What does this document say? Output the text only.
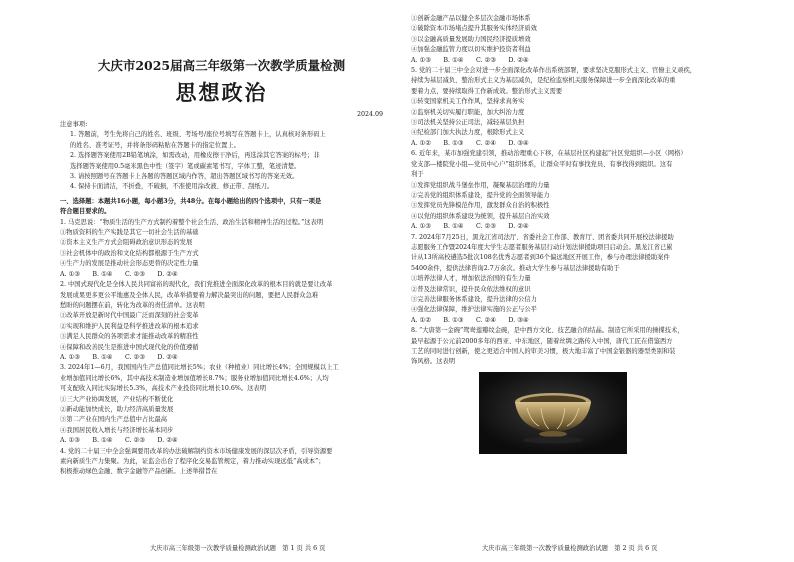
大庆市2025届高三年级第一次教学质量检测
思想政治
2024.09
注意事项:
1. 答题前，考生先将自己的姓名、班级、考场号/座位号填写在答题卡上，认真核对条形码上
的姓名、准考证号，并将条形码粘贴在答题卡的指定位置上。
2. 选择题答案使用2B铅笔填涂，如需改动，用橡皮擦干净后，再选涂其它答案的标号；非
选择题答案使用0.5毫米黑色中性（签字）笔或碳素笔书写，字体工整，笔迹清楚。
3. 请按照题号在答题卡上各题的答题区域内作答，超出答题区域书写的答案无效。
4. 保持卡面清洁，不折叠，不破损，不准使用涂改液、修正带、刮纸刀。
一、选择题：本题共16小题，每小题3分，共48分。在每小题给出的四个选项中，只有一项是
符合题目要求的。
1. 马克思说：“物质生活的生产方式制约着整个社会生活、政治生活和精神生活的过程。”这表明
①物质资料的生产实践是其它一切社会生活的基础
②资本主义生产方式会阻碍政治意识形态的发展
③社会机体中的政治和文化结构都根源于生产方式
④生产力的发展是推动社会形态更替的决定性力量
A. ①③　　B. ①④　　C. ②③　　D. ②④
2. 中国式现代化是全体人民共同富裕的现代化，我们党推进全面深化改革的根本目的就是要让改革
发展成果更多更公平地惠及全体人民，改革举措要着力解决最突出的问题，要把人民群众急难
愁盼的问题摆在前，转化为改革的责任清单。这表明
①改革开放是新时代中国最广泛而深刻的社会变革
②实现和维护人民利益是科学推进改革的根本追求
③满足人民群众的各项需求才能推动改革的精准性
④保障和改善民生是推进中国式现代化的价值遵循
A. ①③　　B. ①④　　C. ②③　　D. ②④
3. 2024年1—6月，我国国内生产总值同比增长5%；农业（种植业）同比增长4%；全国规模以上工
业增加值同比增长6%，其中高技术制造业增加值增长8.7%；服务业增加值同比增长4.6%；人均
可支配收入同比实际增长5.3%，高技术产业投资同比增长10.6%。这表明
①三大产业协调发展，产业结构不断优化
②新动能加快成长，助力经济高质量发展
③第二产业在国内生产总值中占比最高
④我国居民收入增长与经济增长基本同步
A. ①③　　B. ①④　　C. ②③　　D. ②④
4. 党的二十届三中全会强调要用改革的办法破解制约资本市场健康发展的深层次矛盾，引导资源要
素向新质生产力集聚。为此，证监会出台了程序化交易监管规定，着力推动实现远低“高成本”；
积极推动绿色金融、数字金融等产品创新。上述举措旨在
大庆市高三年级第一次教学质量检测政治试题　第 1 页 共 6 页
①创新金融产品以健全多层次金融市场体系
②破除资本市场堵点提升其服务实体经济质效
③以金融高质量发展助力国民经济提质增效
④加强金融监管力度以切实维护投资者利益
A. ①③　　B. ①④　　C. ②③　　D. ②④
5. 党的二十届三中全会对进一步全面深化改革作出系统部署，要求坚决克服形式主义、官僚主义顽疾，
持续为基层减负，整治形式主义为基层减负，是纪检监察机关服务保障进一步全面深化改革的重
要着力点，要持续取得工作新成效。整治形式主义需要
①转变国家机关工作作风，坚持求真务实
②监察机关切实履行职能，加大纠治力度
③司法机关坚持公正司法，减轻基层负担
④纪检部门加大执法力度，根除形式主义
A. ①②　　B. ①③　　C. ②④　　D. ③④
6. 近年来，某市加强党建引领，推动治理重心下移，在基层社区构建起“社区党组织—小区（网格）
党支部—楼院党小组—党员中心户”组织体系，让群众平时有事找党员、有事找得到组织。这有
利于
①发挥党组织战斗堡垒作用，凝聚基层治理的力量
②完善党的组织体系建设，提升党的全面领导能力
③发挥党员先锋模范作用，激发群众自治的积极性
④以党的组织体系建设为统领，提升基层自治实效
A. ①③　　B. ①④　　C. ②③　　D. ②④
7. 2024年7月25日，黑龙江省司法厅、省委社会工作部、教育厅、团省委共同开展校法律援助
志愿服务工作暨2024年度大学生志愿者服务基层行动计划法律援助项目启动会。黑龙江省已累
计从13所高校遴选5批次108名优秀志愿者到36个偏远地区开展工作，参与办理法律援助案件
5400余件，提供法律咨询2.7万余次。推动大学生参与基层法律援助有助于
①培养法律人才，增加依法治国的有生力量
②普及法律常识，提升民众依法维权的意识
③完善法律服务体系建设，提升法律的公信力
④强化法律保障，维护法律实施的公正与公平
A. ①②　　B. ①③　　C. ②④　　D. ③④
8. “大唐第一金碗”鸳鸯莲瓣纹金碗，是中西方文化、技艺融合的结晶。制造它所采用的捶揲技术，
最早起源于公元前2000多年的西亚、中东地区，随着丝绸之路传入中国，唐代工匠在借鉴西方
工艺的同时进行创新，使之更适合中国人的审美习惯，极大地丰富了中国金银器的器型类别和装
饰风格。这表明
大庆市高三年级第一次教学质量检测政治试题　第 2 页 共 6 页
